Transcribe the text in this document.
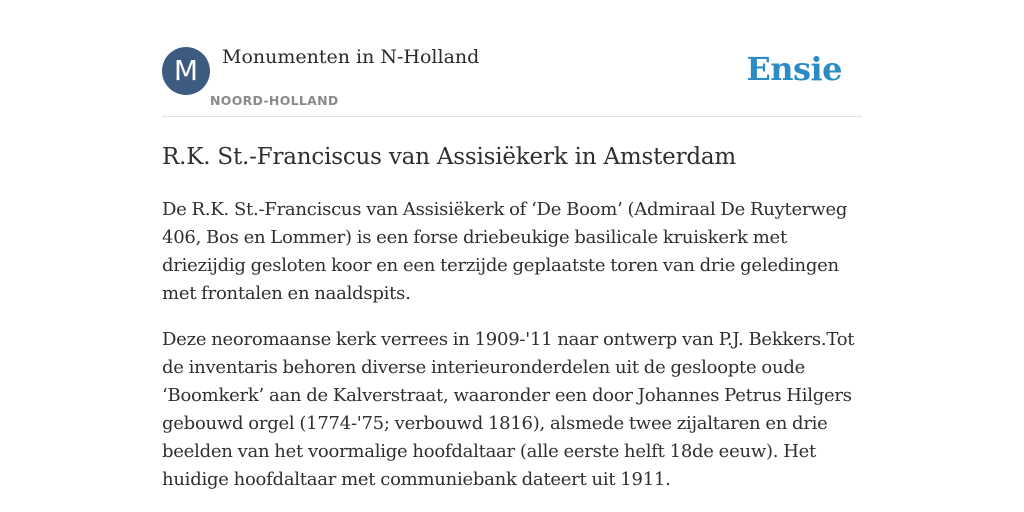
M	Monumenten in N-Holland
NOORD-HOLLAND
Ensie
R.K. St.-Franciscus van Assisiëkerk in Amsterdam

De R.K. St.-Franciscus van Assisiëkerk of ‘De Boom’ (Admiraal De Ruyterweg 406, Bos en Lommer) is een forse driebeukige basilicale kruiskerk met driezijdig gesloten koor en een terzijde geplaatste toren van drie geledingen met frontalen en naaldspits.

Deze neoromaanse kerk verrees in 1909-'11 naar ontwerp van P.J. Bekkers.Tot de inventaris behoren diverse interieuronderdelen uit de gesloopte oude ‘Boomkerk’ aan de Kalverstraat, waaronder een door Johannes Petrus Hilgers gebouwd orgel (1774-'75; verbouwd 1816), alsmede twee zijaltaren en drie beelden van het voormalige hoofdaltaar (alle eerste helft 18de eeuw). Het huidige hoofdaltaar met communiebank dateert uit 1911.
